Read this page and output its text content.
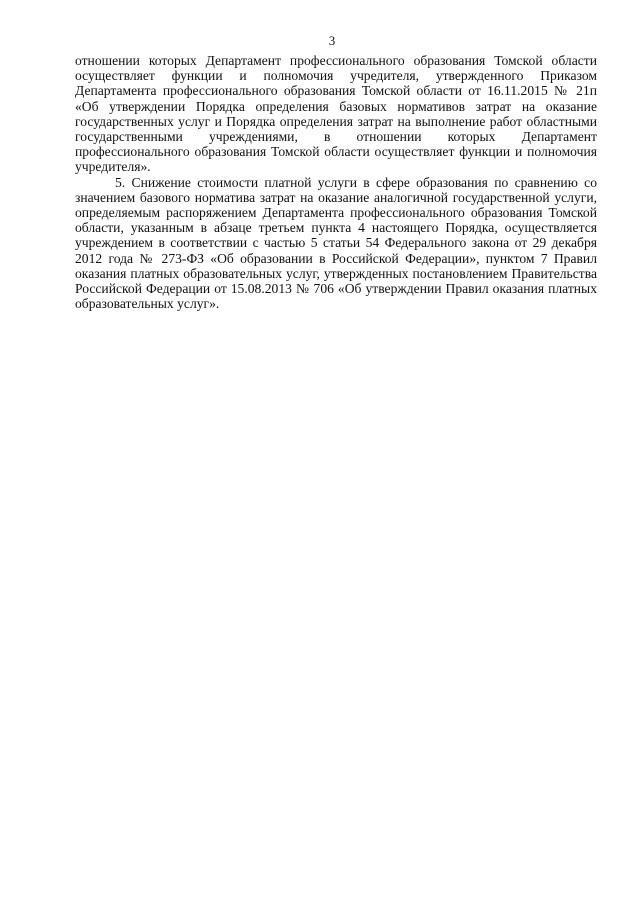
3

отношении которых Департамент профессионального образования Томской области осуществляет функции и полномочия учредителя, утвержденного Приказом Департамента профессионального образования Томской области от 16.11.2015 № 21п «Об утверждении Порядка определения базовых нормативов затрат на оказание государственных услуг и Порядка определения затрат на выполнение работ областными государственными учреждениями, в отношении которых Департамент профессионального образования Томской области осуществляет функции и полномочия учредителя».

5. Снижение стоимости платной услуги в сфере образования по сравнению со значением базового норматива затрат на оказание аналогичной государственной услуги, определяемым распоряжением Департамента профессионального образования Томской области, указанным в абзаце третьем пункта 4 настоящего Порядка, осуществляется учреждением в соответствии с частью 5 статьи 54 Федерального закона от 29 декабря 2012 года № 273-ФЗ «Об образовании в Российской Федерации», пунктом 7 Правил оказания платных образовательных услуг, утвержденных постановлением Правительства Российской Федерации от 15.08.2013 № 706 «Об утверждении Правил оказания платных образовательных услуг».
